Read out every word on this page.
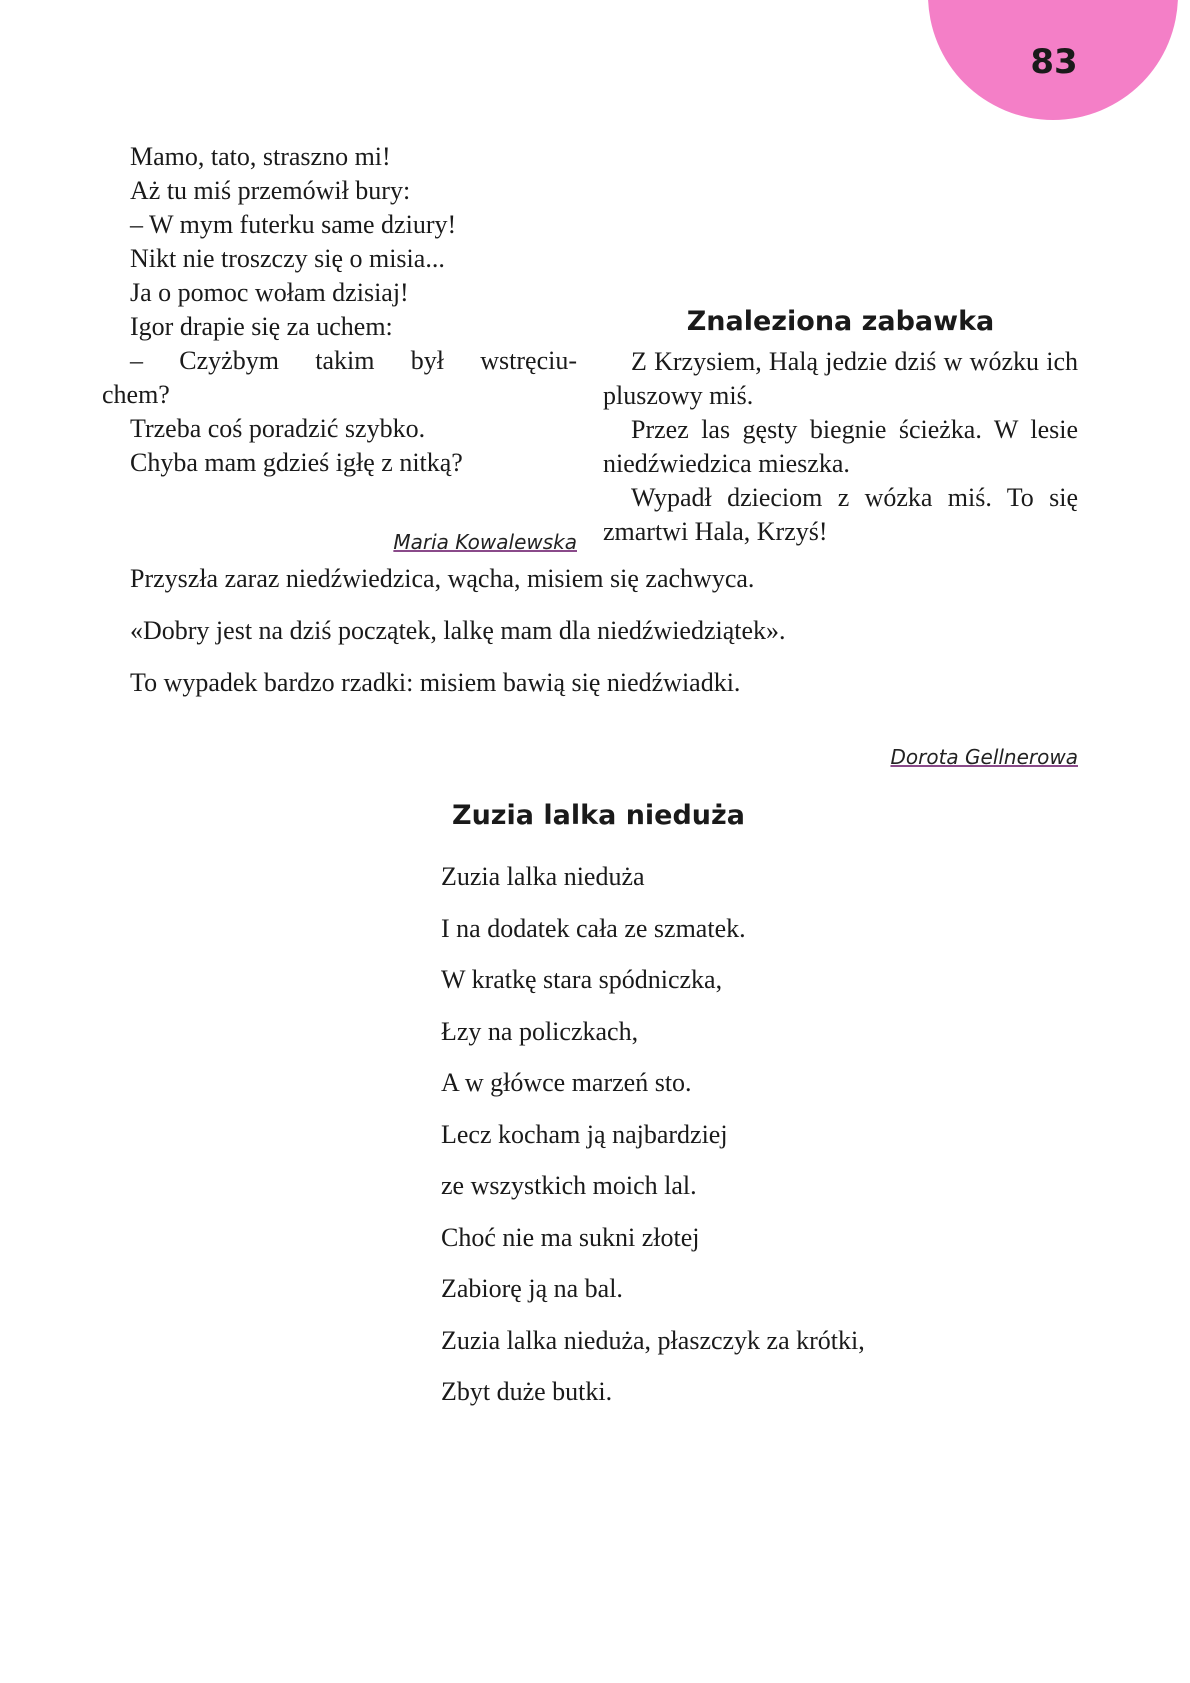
83

Mamo, tato, straszno mi!

Aż tu miś przemówił bury:

– W mym futerku same dziury!

Nikt nie troszczy się o misia...

Ja o pomoc wołam dzisiaj!

Igor drapie się za uchem:

– Czyżbym takim był wstręciu-

chem?

Trzeba coś poradzić szybko.

Chyba mam gdzieś igłę z nitką?

Maria Kowalewska
Znaleziona zabawka

Z Krzysiem, Halą jedzie dziś w wózku ich pluszowy miś.

Przez las gęsty biegnie ścieżka. W lesie niedźwiedzica mieszka.

Wypadł dzieciom z wózka miś. To się zmartwi Hala, Krzyś!

Przyszła zaraz niedźwiedzica, wącha, misiem się zachwyca.

«Dobry jest na dziś początek, lalkę mam dla niedźwiedziątek».

To wypadek bardzo rzadki: misiem bawią się niedźwiadki.

Dorota Gellnerowa
Zuzia lalka nieduża

Zuzia lalka nieduża

I na dodatek cała ze szmatek.

W kratkę stara spódniczka,

Łzy na policzkach,

A w główce marzeń sto.

Lecz kocham ją najbardziej

ze wszystkich moich lal.

Choć nie ma sukni złotej

Zabiorę ją na bal.

Zuzia lalka nieduża, płaszczyk za krótki,

Zbyt duże butki.
